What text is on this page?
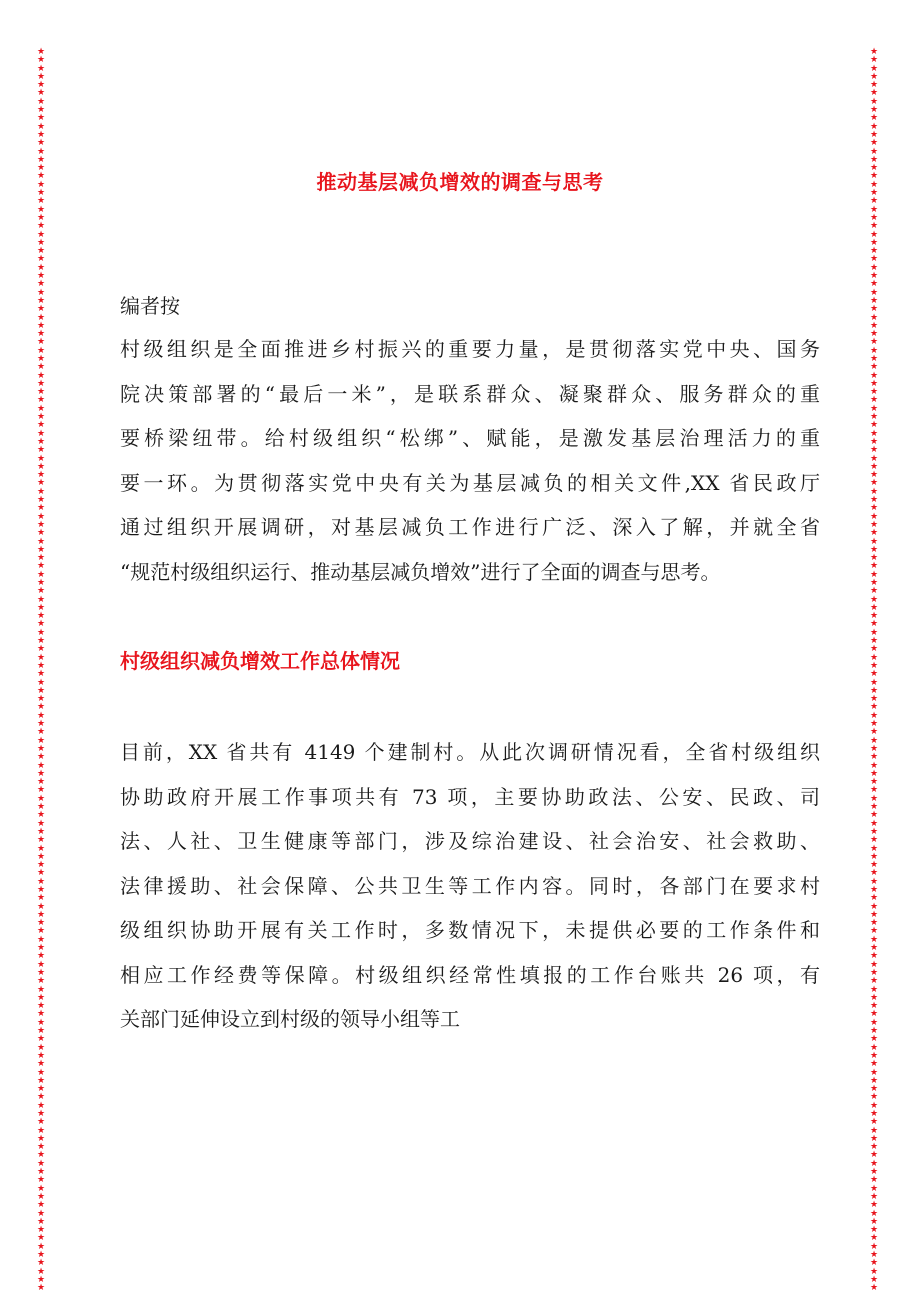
★★★★★★★★★★★★★★★★★★★★★★★★★★★★★★★★★★★★★★★★★★★★★★★★★★★★★★★★★★★★★★★★★★★★★★★★★★★★★★★★★★★★★★★★★★★★★★★★★★★★★★★★★★★★★★★★★★★★★★★★★★★★★★★★★★★★★★★★★★★★★★★★★★★★★★
★★★★★★★★★★★★★★★★★★★★★★★★★★★★★★★★★★★★★★★★★★★★★★★★★★★★★★★★★★★★★★★★★★★★★★★★★★★★★★★★★★★★★★★★★★★★★★★★★★★★★★★★★★★★★★★★★★★★★★★★★★★★★★★★★★★★★★★★★★★★★★★★★★★★★★
推动基层减负增效的调查与思考
编者按
村级组织是全面推进乡村振兴的重要力量，是贯彻落实党中央、国务
院决策部署的“最后一米”，是联系群众、凝聚群众、服务群众的重
要桥梁纽带。给村级组织“松绑”、赋能，是激发基层治理活力的重
要一环。为贯彻落实党中央有关为基层减负的相关文件,XX 省民政厅
通过组织开展调研，对基层减负工作进行广泛、深入了解，并就全省
“规范村级组织运行、推动基层减负增效”进行了全面的调查与思考。
村级组织减负增效工作总体情况
目前，XX 省共有 4149 个建制村。从此次调研情况看，全省村级组织
协助政府开展工作事项共有 73 项，主要协助政法、公安、民政、司
法、人社、卫生健康等部门，涉及综治建设、社会治安、社会救助、
法律援助、社会保障、公共卫生等工作内容。同时，各部门在要求村
级组织协助开展有关工作时，多数情况下，未提供必要的工作条件和
相应工作经费等保障。村级组织经常性填报的工作台账共 26 项，有
关部门延伸设立到村级的领导小组等工
